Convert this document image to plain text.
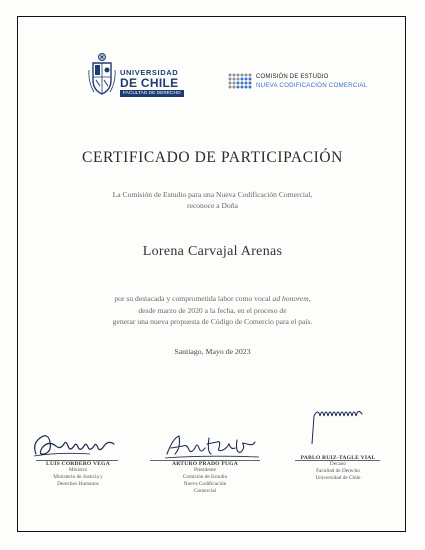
UNIVERSIDAD
DE CHILE
FACULTAD DE DERECHO
COMISIÓN DE ESTUDIO
NUEVA CODIFICACIÓN COMERCIAL
CERTIFICADO DE PARTICIPACIÓN
La Comisión de Estudio para una Nueva Codificación Comercial,
reconoce a Doña
Lorena Carvajal Arenas
por su destacada y comprometida labor como vocal ad honorem,
desde marzo de 2020 a la fecha, en el proceso de
generar una nueva propuesta de Código de Comercio para el país.
Santiago, Mayo de 2023
LUIS CORDERO VEGA
Ministro
Ministerio de Justicia y
Derechos Humanos
ARTURO PRADO PUGA
Presidente
Comisión de Estudio
Nueva Codificación
Comercial
PABLO RUIZ-TAGLE VIAL
Decano
Facultad de Derecho
Universidad de Chile
